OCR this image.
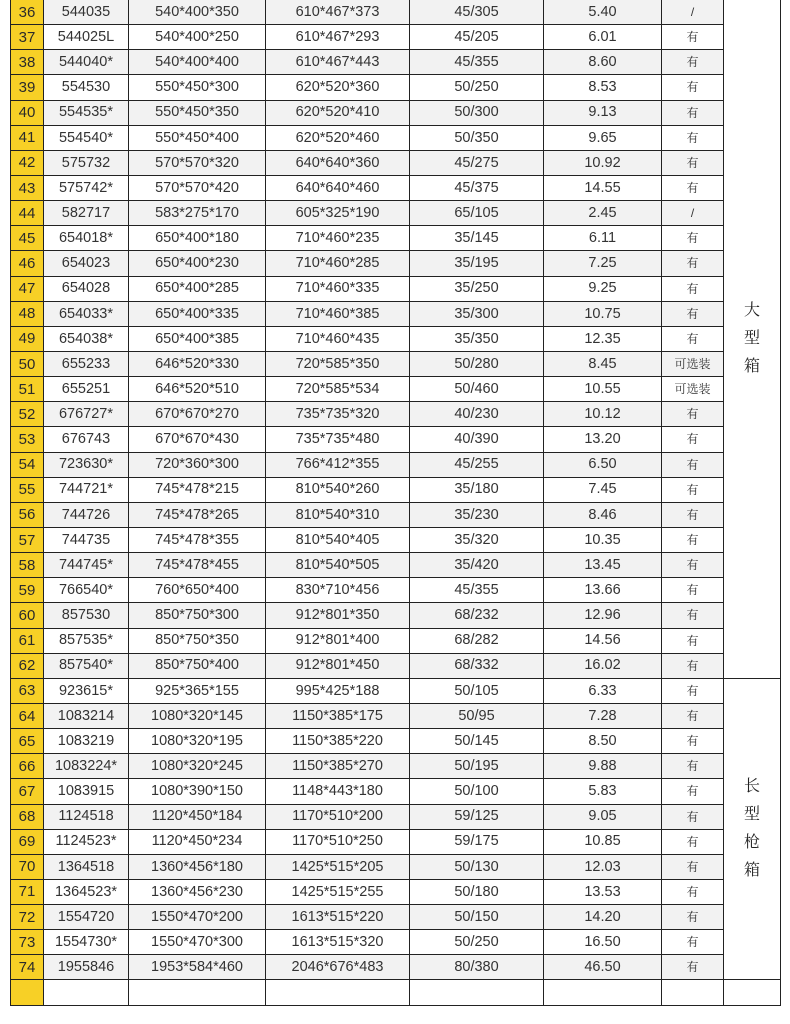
36	544035	540*400*350	610*467*373	45/305	5.40	/	大
型
箱

37	544025L	540*400*250	610*467*293	45/205	6.01	有	
38	544040*	540*400*400	610*467*443	45/355	8.60	有	
39	554530	550*450*300	620*520*360	50/250	8.53	有	
40	554535*	550*450*350	620*520*410	50/300	9.13	有	
41	554540*	550*450*400	620*520*460	50/350	9.65	有	
42	575732	570*570*320	640*640*360	45/275	10.92	有	
43	575742*	570*570*420	640*640*460	45/375	14.55	有	
44	582717	583*275*170	605*325*190	65/105	2.45	/	
45	654018*	650*400*180	710*460*235	35/145	6.11	有	
46	654023	650*400*230	710*460*285	35/195	7.25	有	
47	654028	650*400*285	710*460*335	35/250	9.25	有	
48	654033*	650*400*335	710*460*385	35/300	10.75	有	
49	654038*	650*400*385	710*460*435	35/350	12.35	有	
50	655233	646*520*330	720*585*350	50/280	8.45	可选装	
51	655251	646*520*510	720*585*534	50/460	10.55	可选装	
52	676727*	670*670*270	735*735*320	40/230	10.12	有	
53	676743	670*670*430	735*735*480	40/390	13.20	有	
54	723630*	720*360*300	766*412*355	45/255	6.50	有	
55	744721*	745*478*215	810*540*260	35/180	7.45	有	
56	744726	745*478*265	810*540*310	35/230	8.46	有	
57	744735	745*478*355	810*540*405	35/320	10.35	有	
58	744745*	745*478*455	810*540*505	35/420	13.45	有	
59	766540*	760*650*400	830*710*456	45/355	13.66	有	
60	857530	850*750*300	912*801*350	68/232	12.96	有	
61	857535*	850*750*350	912*801*400	68/282	14.56	有	
62	857540*	850*750*400	912*801*450	68/332	16.02	有	
63	923615*	925*365*155	995*425*188	50/105	6.33	有	长
型
枪
箱

64	1083214	1080*320*145	1150*385*175	50/95	7.28	有	
65	1083219	1080*320*195	1150*385*220	50/145	8.50	有	
66	1083224*	1080*320*245	1150*385*270	50/195	9.88	有	
67	1083915	1080*390*150	1148*443*180	50/100	5.83	有	
68	1124518	1120*450*184	1170*510*200	59/125	9.05	有	
69	1124523*	1120*450*234	1170*510*250	59/175	10.85	有	
70	1364518	1360*456*180	1425*515*205	50/130	12.03	有	
71	1364523*	1360*456*230	1425*515*255	50/180	13.53	有	
72	1554720	1550*470*200	1613*515*220	50/150	14.20	有	
73	1554730*	1550*470*300	1613*515*320	50/250	16.50	有	
74	1955846	1953*584*460	2046*676*483	80/380	46.50	有	
